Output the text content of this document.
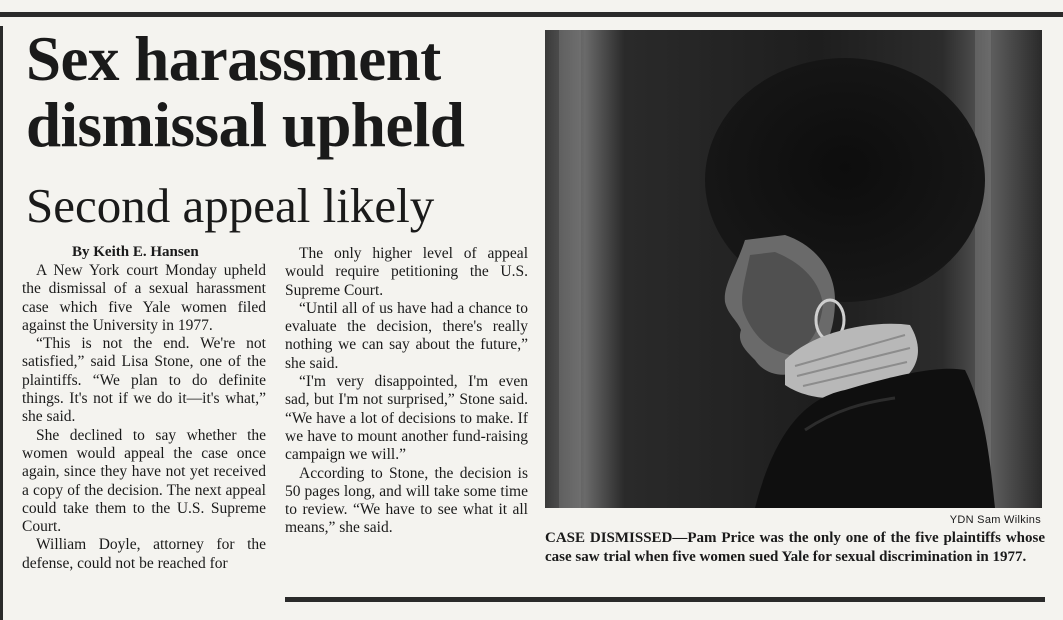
Sex harassment dismissal upheld
Second appeal likely
By Keith E. Hansen

A New York court Monday upheld the dismissal of a sexual harassment case which five Yale women filed against the University in 1977.

“This is not the end. We're not satisfied,” said Lisa Stone, one of the plaintiffs. “We plan to do definite things. It's not if we do it—it's what,” she said.

She declined to say whether the women would appeal the case once again, since they have not yet received a copy of the decision. The next appeal could take them to the U.S. Supreme Court.

William Doyle, attorney for the defense, could not be reached for

The only higher level of appeal would require petitioning the U.S. Supreme Court.

“Until all of us have had a chance to evaluate the decision, there's really nothing we can say about the future,” she said.

“I'm very disappointed, I'm even sad, but I'm not surprised,” Stone said. “We have a lot of decisions to make. If we have to mount another fund-raising campaign we will.”

According to Stone, the decision is 50 pages long, and will take some time to review. “We have to see what it all means,” she said.	YDN Sam Wilkins

CASE DISMISSED—Pam Price was the only one of the five plaintiffs whose case saw trial when five women sued Yale for sexual discrimination in 1977.
